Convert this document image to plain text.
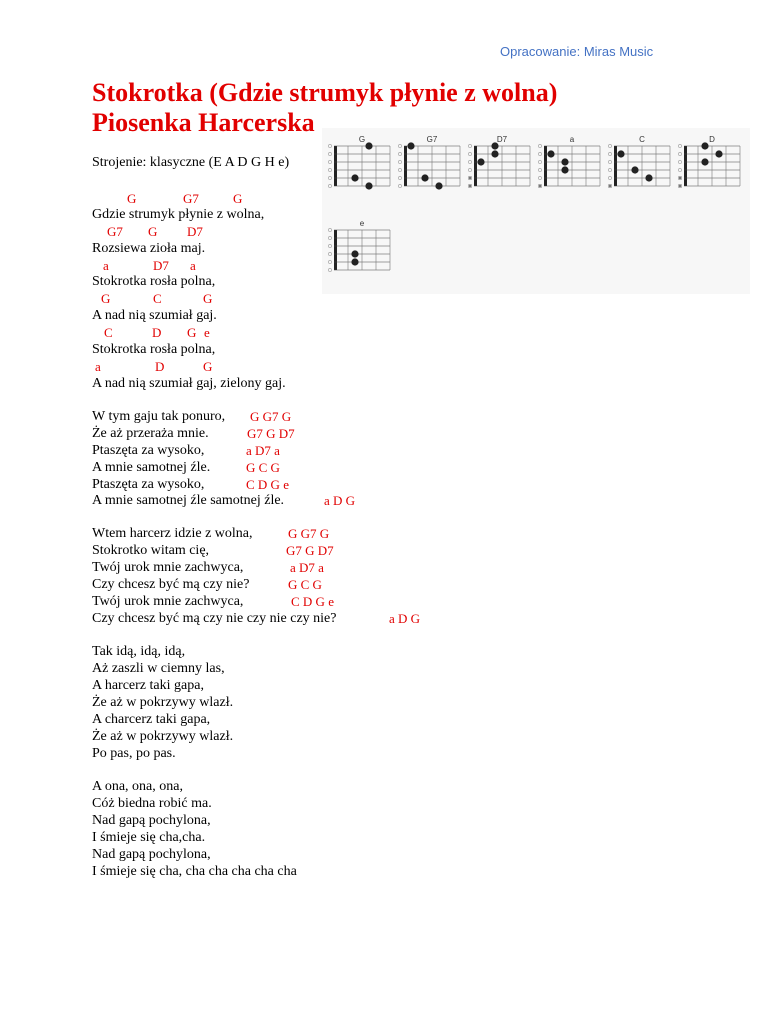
Opracowanie: Miras Music
Stokrotka (Gdzie strumyk płynie z wolna)
Piosenka Harcerska
Strojenie: klasyczne (E A D G H e)
G	G7	D7
×
×
a
×
C
×
D
×
×
e
G	G7	G
Gdzie strumyk płynie z wolna,
G7 G D7
Rozsiewa zioła maj.
a	D7 a
Stokrotka rosła polna,
G	C	G
A nad nią szumiał gaj.
C	D G e
Stokrotka rosła polna,
a	D	G
A nad nią szumiał gaj, zielony gaj.
W tym gaju tak ponuro, G G7 G
Że aż przeraża mnie.	G7 G D7
Ptaszęta za wysoko,	a D7 a
A mnie samotnej źle.	G C G
Ptaszęta za wysoko,	C D G e
A mnie samotnej źle samotnej źle.	a D G
Wtem harcerz idzie z wolna,	G G7 G
Stokrotko witam cię,	G7 G D7
Twój urok mnie zachwyca,	a D7 a
Czy chcesz być mą czy nie?	G C G
Twój urok mnie zachwyca,	C D G e
Czy chcesz być mą czy nie czy nie czy nie?	a D G
Tak idą, idą, idą,
Aż zaszli w ciemny las,
A harcerz taki gapa,
Że aż w pokrzywy wlazł.
A charcerz taki gapa,
Że aż w pokrzywy wlazł.
Po pas, po pas.
A ona, ona, ona,
Cóż biedna robić ma.
Nad gapą pochylona,
I śmieje się cha,cha.
Nad gapą pochylona,
I śmieje się cha, cha cha cha cha cha
